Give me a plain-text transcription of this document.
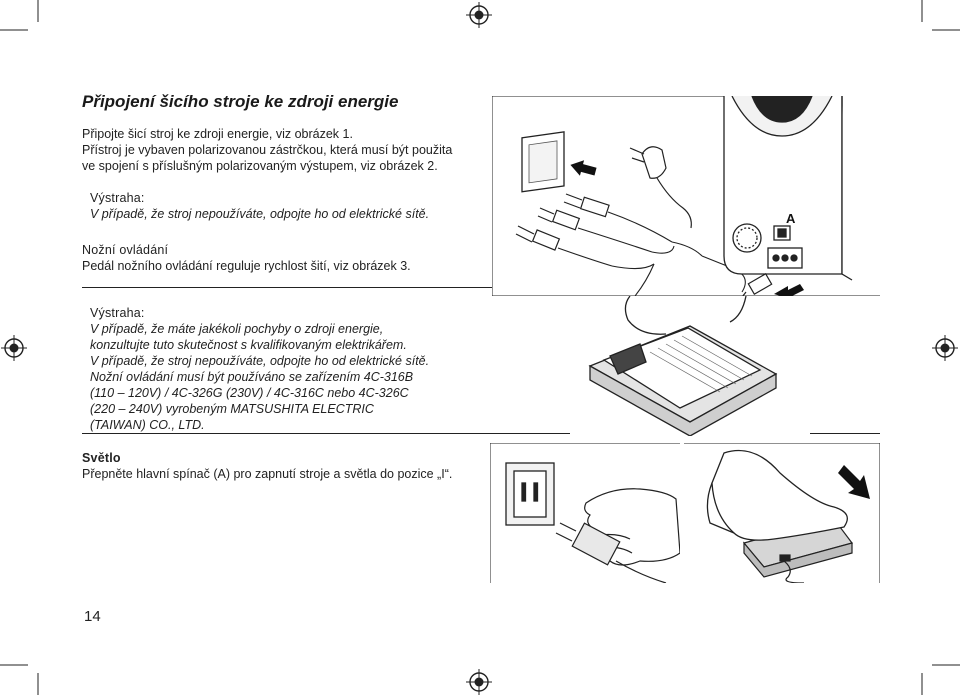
Připojení šicího stroje ke zdroji energie
Připojte šicí stroj ke zdroji energie, viz obrázek 1.
Přístroj je vybaven polarizovanou zástrčkou, která musí být použita
ve spojení s příslušným polarizovaným výstupem, viz obrázek 2.
Výstraha:
V případě, že stroj nepoužíváte, odpojte ho od elektrické sítě.
Nožní ovládání
Pedál nožního ovládání reguluje rychlost šití, viz obrázek 3.
Výstraha:
V případě, že máte jakékoli pochyby o zdroji energie,
konzultujte tuto skutečnost s kvalifikovaným elektrikářem.
V případě, že stroj nepoužíváte, odpojte ho od elektrické sítě.
Nožní ovládání musí být používáno se zařízením 4C-316B
(110 – 120V) / 4C-326G (230V) / 4C-316C nebo 4C-326C
(220 – 240V) vyrobeným MATSUSHITA ELECTRIC
(TAIWAN) CO., LTD.
Světlo
Přepněte hlavní spínač (A) pro zapnutí stroje a světla do pozice „I“.
14
A
